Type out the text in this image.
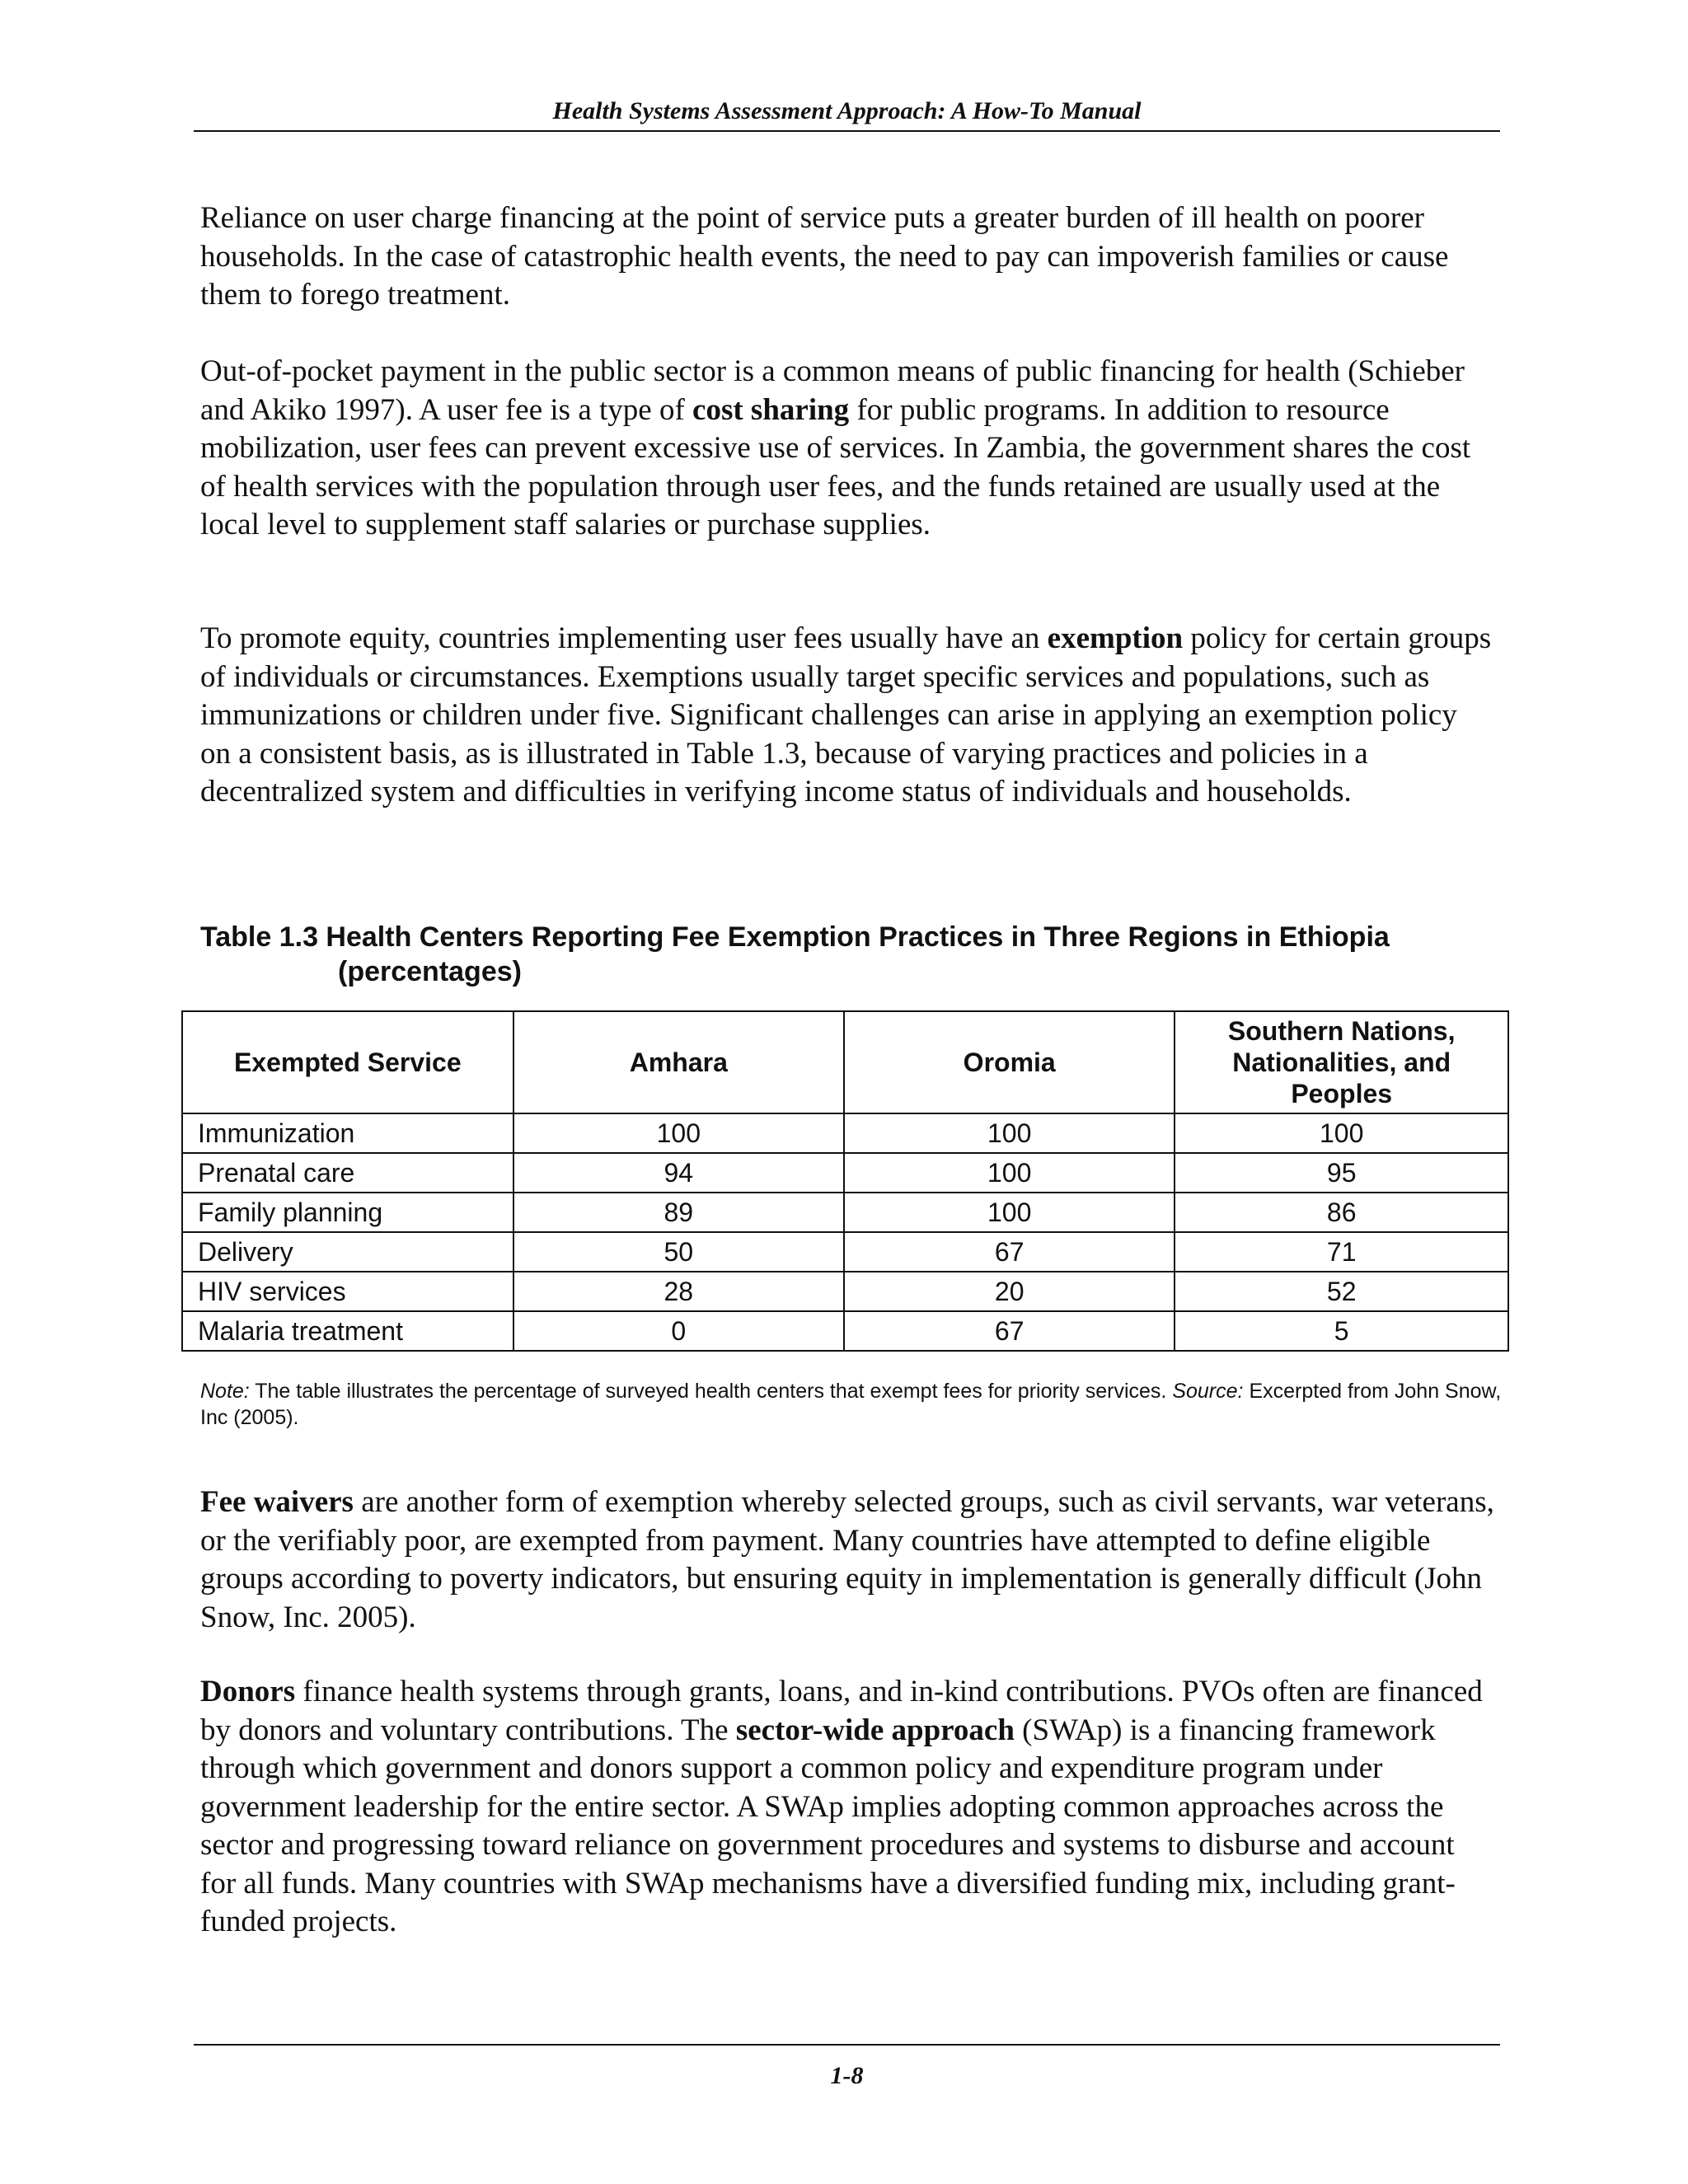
Health Systems Assessment Approach: A How-To Manual

Reliance on user charge financing at the point of service puts a greater burden of ill health on poorer households. In the case of catastrophic health events, the need to pay can impoverish families or cause them to forego treatment.

Out-of-pocket payment in the public sector is a common means of public financing for health (Schieber and Akiko 1997). A user fee is a type of cost sharing for public programs. In addition to resource mobilization, user fees can prevent excessive use of services. In Zambia, the government shares the cost of health services with the population through user fees, and the funds retained are usually used at the local level to supplement staff salaries or purchase supplies.

To promote equity, countries implementing user fees usually have an exemption policy for certain groups of individuals or circumstances. Exemptions usually target specific services and populations, such as immunizations or children under five. Significant challenges can arise in applying an exemption policy on a consistent basis, as is illustrated in Table 1.3, because of varying practices and policies in a decentralized system and difficulties in verifying income status of individuals and households.

Table 1.3 Health Centers Reporting Fee Exemption Practices in Three Regions in Ethiopia
(percentages)
Exempted Service	Amhara	Oromia	Southern Nations, Nationalities, and Peoples
Immunization	100	100	100
Prenatal care	94	100	95
Family planning	89	100	86
Delivery	50	67	71
HIV services	28	20	52
Malaria treatment	0	67	5
Note: The table illustrates the percentage of surveyed health centers that exempt fees for priority services. Source: Excerpted from John Snow, Inc (2005).

Fee waivers are another form of exemption whereby selected groups, such as civil servants, war veterans, or the verifiably poor, are exempted from payment. Many countries have attempted to define eligible groups according to poverty indicators, but ensuring equity in implementation is generally difficult (John Snow, Inc. 2005).

Donors finance health systems through grants, loans, and in-kind contributions. PVOs often are financed by donors and voluntary contributions. The sector-wide approach (SWAp) is a financing framework through which government and donors support a common policy and expenditure program under government leadership for the entire sector. A SWAp implies adopting common approaches across the sector and progressing toward reliance on government procedures and systems to disburse and account for all funds. Many countries with SWAp mechanisms have a diversified funding mix, including grant-funded projects.

1-8
